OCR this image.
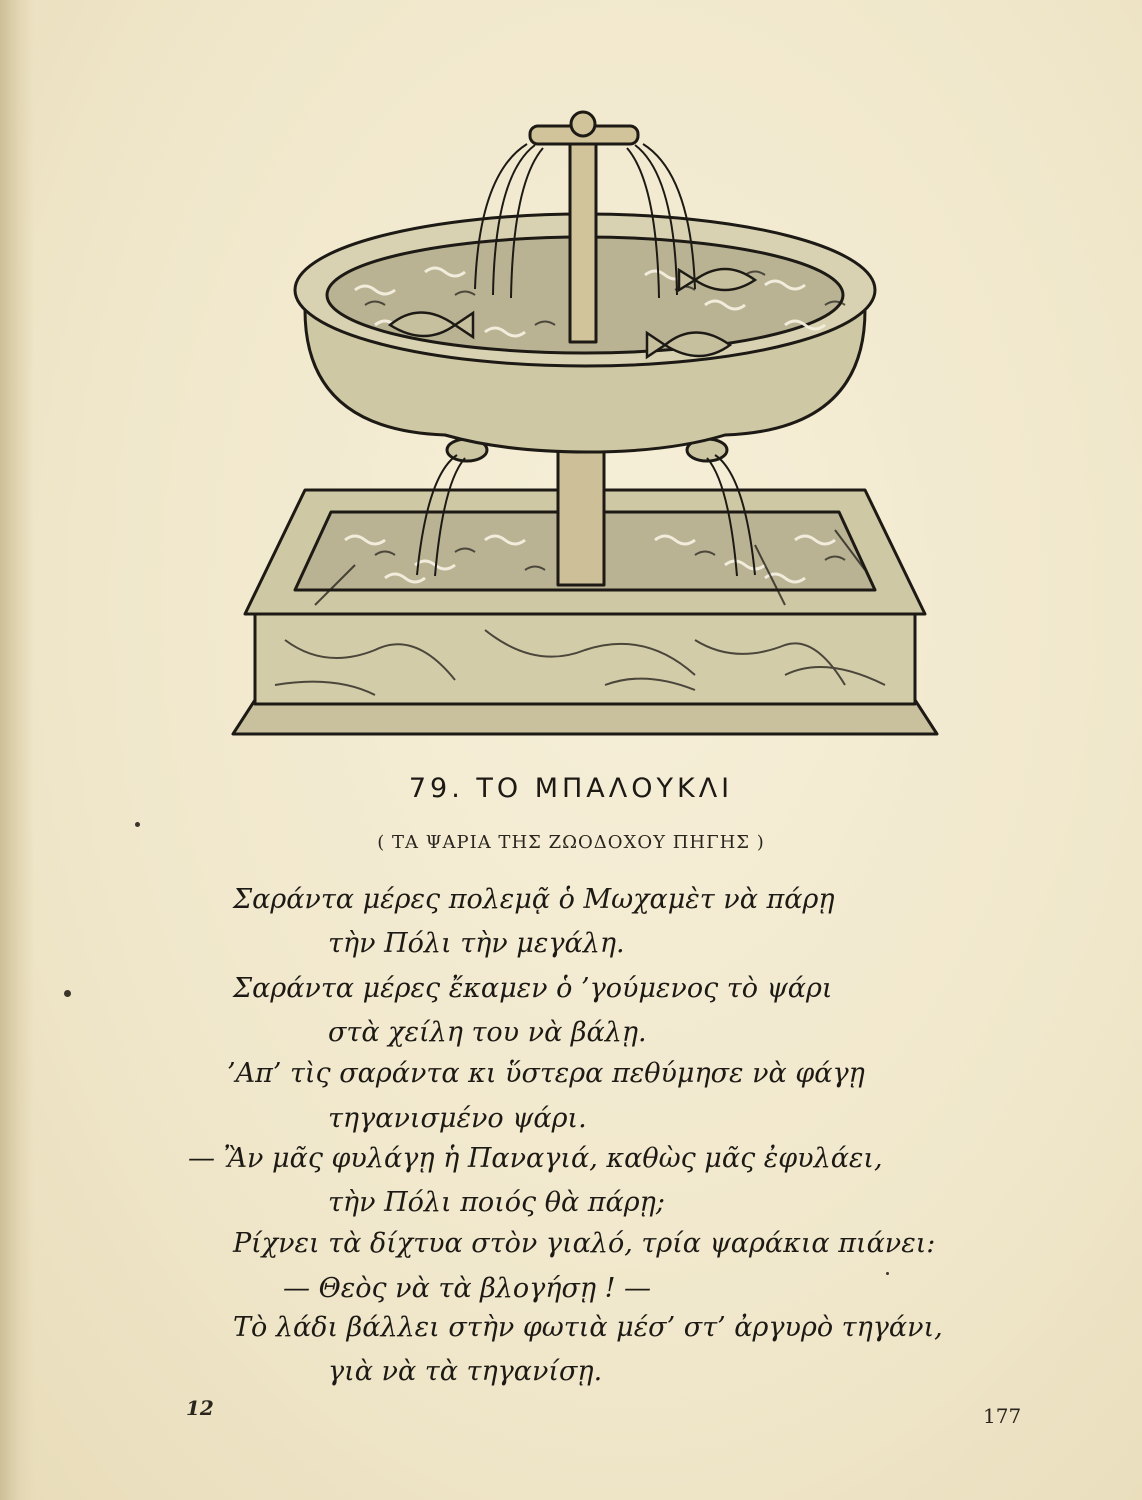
79. ΤΟ ΜΠΑΛΟΥΚΛΙ
( ΤΑ ΨΑΡΙΑ ΤΗΣ ΖΩΟΔΟΧΟΥ ΠΗΓΗΣ )
Σαράντα μέρες πολεμᾷ ὁ Μωχαμὲτ νὰ πάρῃ
τὴν Πόλι τὴν μεγάλη.
Σαράντα μέρες ἔκαμεν ὁ ’γούμενος τὸ ψάρι
στὰ χείλη του νὰ βάλῃ.
’Απ’ τὶς σαράντα κι ὕστερα πεθύμησε νὰ φάγῃ
τηγανισμένο ψάρι.
— Ἂν μᾶς φυλάγῃ ἡ Παναγιά, καθὼς μᾶς ἐφυλάει,
τὴν Πόλι ποιός θὰ πάρῃ;
Ρίχνει τὰ δίχτυα στὸν γιαλό, τρία ψαράκια πιάνει:
— Θεὸς νὰ τὰ βλογήσῃ ! —
Τὸ λάδι βάλλει στὴν φωτιὰ μέσ’ στ’ ἀργυρὸ τηγάνι,
γιὰ νὰ τὰ τηγανίσῃ.
12	177
